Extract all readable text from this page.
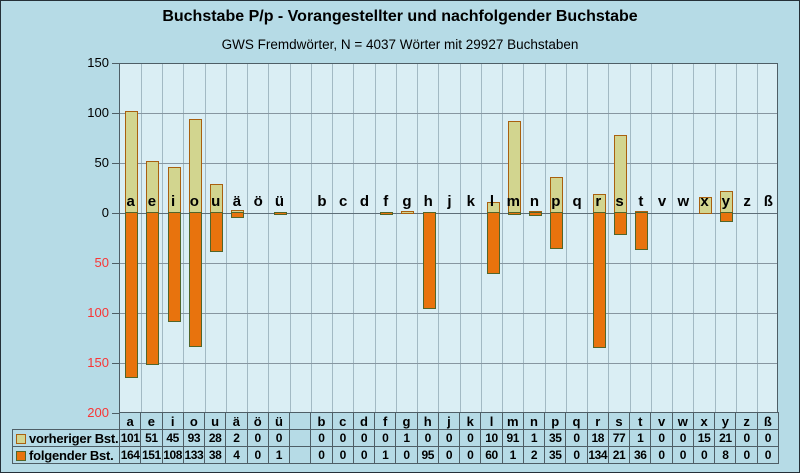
Buchstabe P/p - Vorangestellter und nachfolgender Buchstabe
GWS Fremdwörter, N = 4037 Wörter mit 29927 Buchstaben
a e	i o u ä ö ü	b c d f g h j	k l m n p q r s t v w x y z ß
150
100
50
0
50
100
150
200
a	e	i	o	u	ä	ö	ü	b	c	d	f	g	h	j	k	l	m n	p	q	r	s	t	v w x	y	z	ß
vorheriger Bst. 101 51 45 93 28 2	0	0	0	0	0	0	1	0	0	0 10 91 1 35 0 18 77 1	0	0 15 21 0	0
folgender Bst. 164 151 108 133 38 4	0	1	0	0	0	1	0 95 0	0 60 1	2 35 0 134 21 36 0	0	0	8	0	0
